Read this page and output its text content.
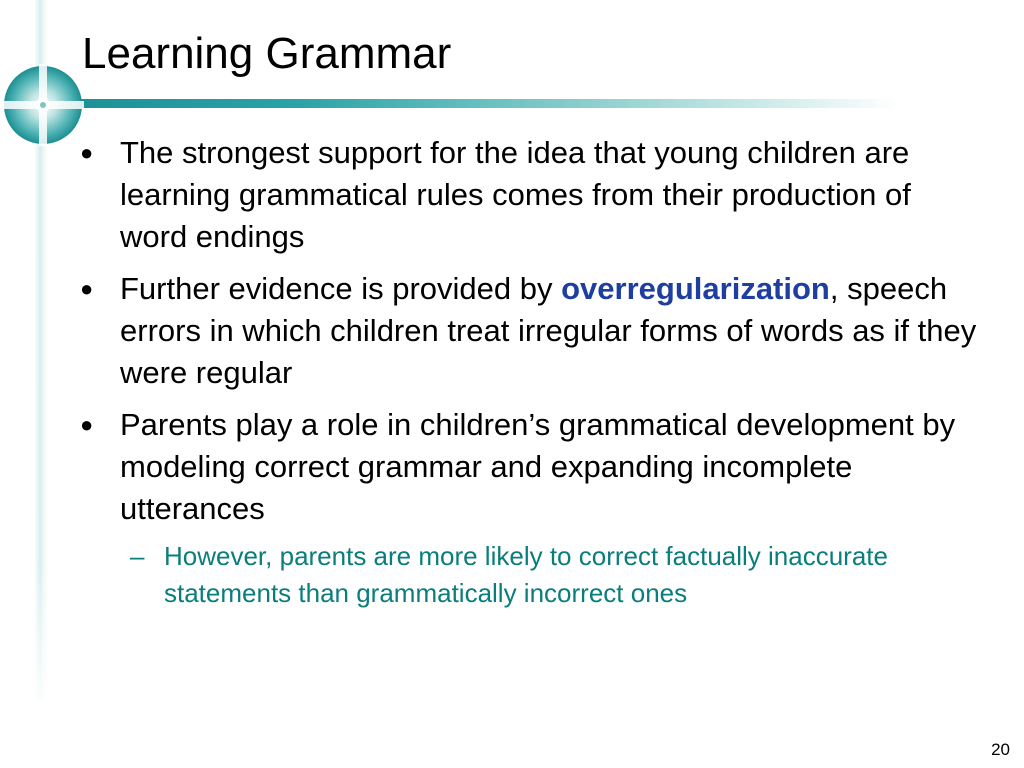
Learning Grammar
● The strongest support for the idea that young children are learning grammatical rules comes from their production of word endings
● Further evidence is provided by overregularization, speech errors in which children treat irregular forms of words as if they were regular
● Parents play a role in children’s grammatical development by modeling correct grammar and expanding incomplete utterances
– However, parents are more likely to correct factually inaccurate statements than grammatically incorrect ones
20
